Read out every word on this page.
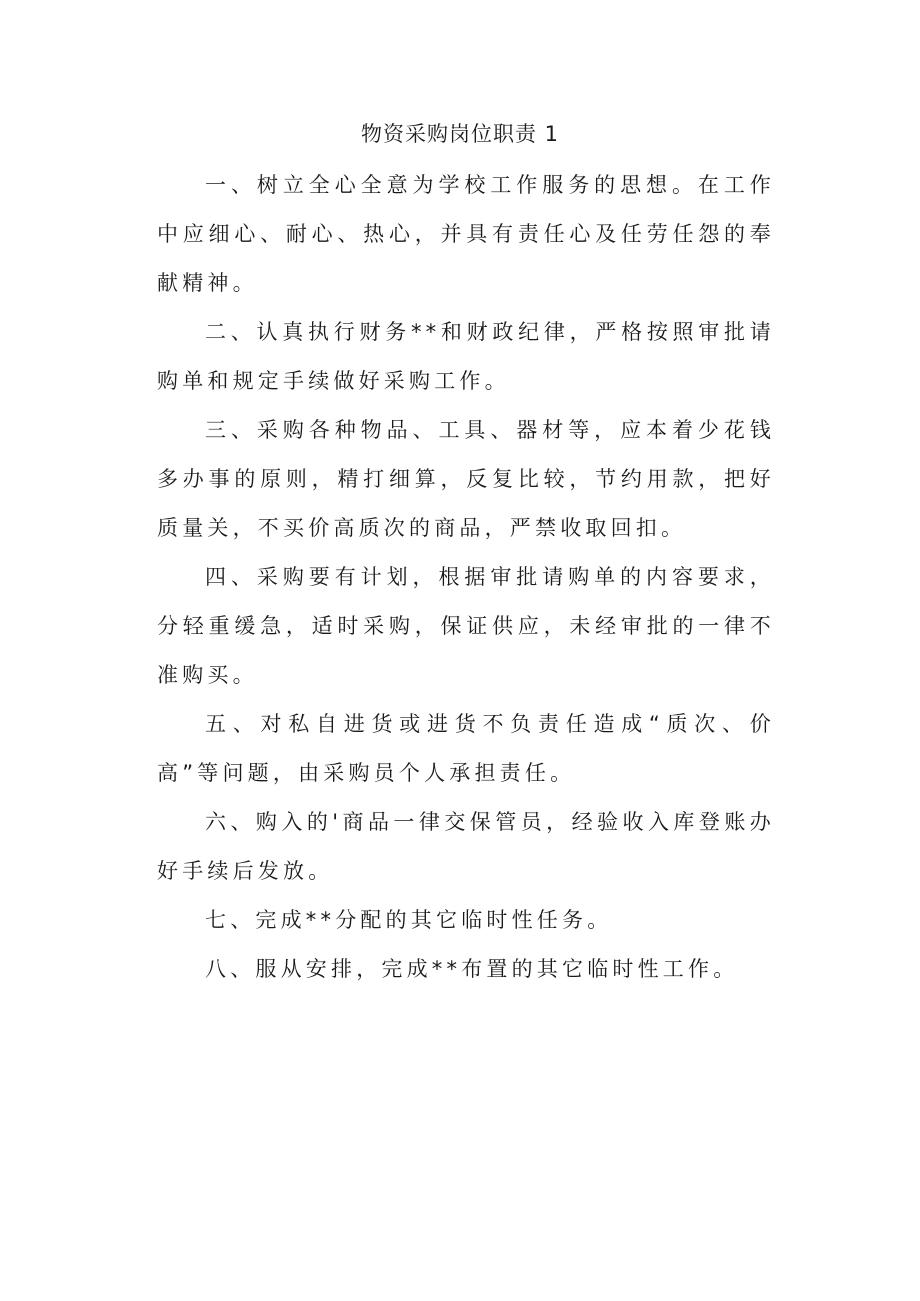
物资采购岗位职责 1

一、树立全心全意为学校工作服务的思想。在工作中应细心、耐心、热心，并具有责任心及任劳任怨的奉献精神。

二、认真执行财务**和财政纪律，严格按照审批请购单和规定手续做好采购工作。

三、采购各种物品、工具、器材等，应本着少花钱多办事的原则，精打细算，反复比较，节约用款，把好质量关，不买价高质次的商品，严禁收取回扣。

四、采购要有计划，根据审批请购单的内容要求，分轻重缓急，适时采购，保证供应，未经审批的一律不准购买。

五、对私自进货或进货不负责任造成“质次、价高”等问题，由采购员个人承担责任。

六、购入的'商品一律交保管员，经验收入库登账办好手续后发放。

七、完成**分配的其它临时性任务。

八、服从安排，完成**布置的其它临时性工作。
